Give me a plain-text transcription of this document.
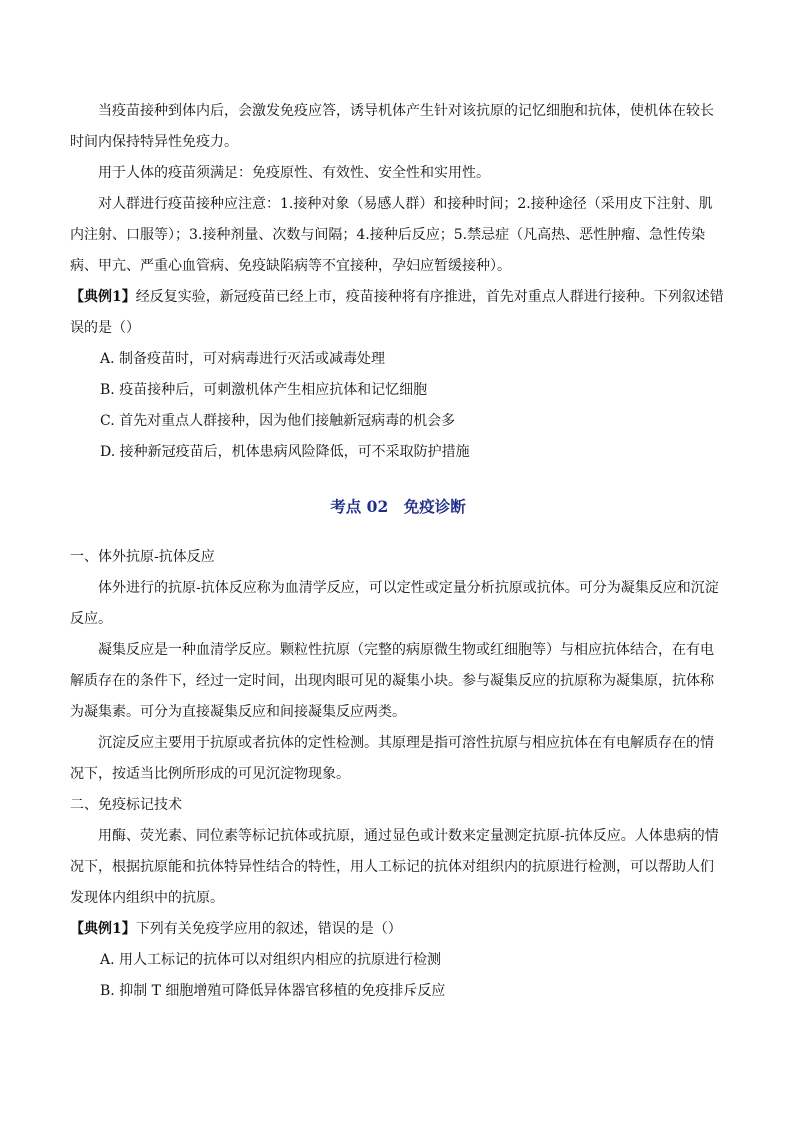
当疫苗接种到体内后，会激发免疫应答，诱导机体产生针对该抗原的记忆细胞和抗体，使机体在较长时间内保持特异性免疫力。

用于人体的疫苗须满足：免疫原性、有效性、安全性和实用性。

对人群进行疫苗接种应注意：1.接种对象（易感人群）和接种时间；2.接种途径（采用皮下注射、肌内注射、口服等）；3.接种剂量、次数与间隔；4.接种后反应；5.禁忌症（凡高热、恶性肿瘤、急性传染病、甲亢、严重心血管病、免疫缺陷病等不宜接种，孕妇应暂缓接种）。

【典例1】经反复实验，新冠疫苗已经上市，疫苗接种将有序推进，首先对重点人群进行接种。下列叙述错误的是（）

A. 制备疫苗时，可对病毒进行灭活或减毒处理

B. 疫苗接种后，可刺激机体产生相应抗体和记忆细胞

C. 首先对重点人群接种，因为他们接触新冠病毒的机会多

D. 接种新冠疫苗后，机体患病风险降低，可不采取防护措施

考点 02　免疫诊断

一、体外抗原-抗体反应

体外进行的抗原-抗体反应称为血清学反应，可以定性或定量分析抗原或抗体。可分为凝集反应和沉淀反应。

凝集反应是一种血清学反应。颗粒性抗原（完整的病原微生物或红细胞等）与相应抗体结合，在有电解质存在的条件下，经过一定时间，出现肉眼可见的凝集小块。参与凝集反应的抗原称为凝集原，抗体称为凝集素。可分为直接凝集反应和间接凝集反应两类。

沉淀反应主要用于抗原或者抗体的定性检测。其原理是指可溶性抗原与相应抗体在有电解质存在的情况下，按适当比例所形成的可见沉淀物现象。

二、免疫标记技术

用酶、荧光素、同位素等标记抗体或抗原，通过显色或计数来定量测定抗原-抗体反应。人体患病的情况下，根据抗原能和抗体特异性结合的特性，用人工标记的抗体对组织内的抗原进行检测，可以帮助人们发现体内组织中的抗原。

【典例1】下列有关免疫学应用的叙述，错误的是（）

A. 用人工标记的抗体可以对组织内相应的抗原进行检测

B. 抑制 T 细胞增殖可降低异体器官移植的免疫排斥反应
